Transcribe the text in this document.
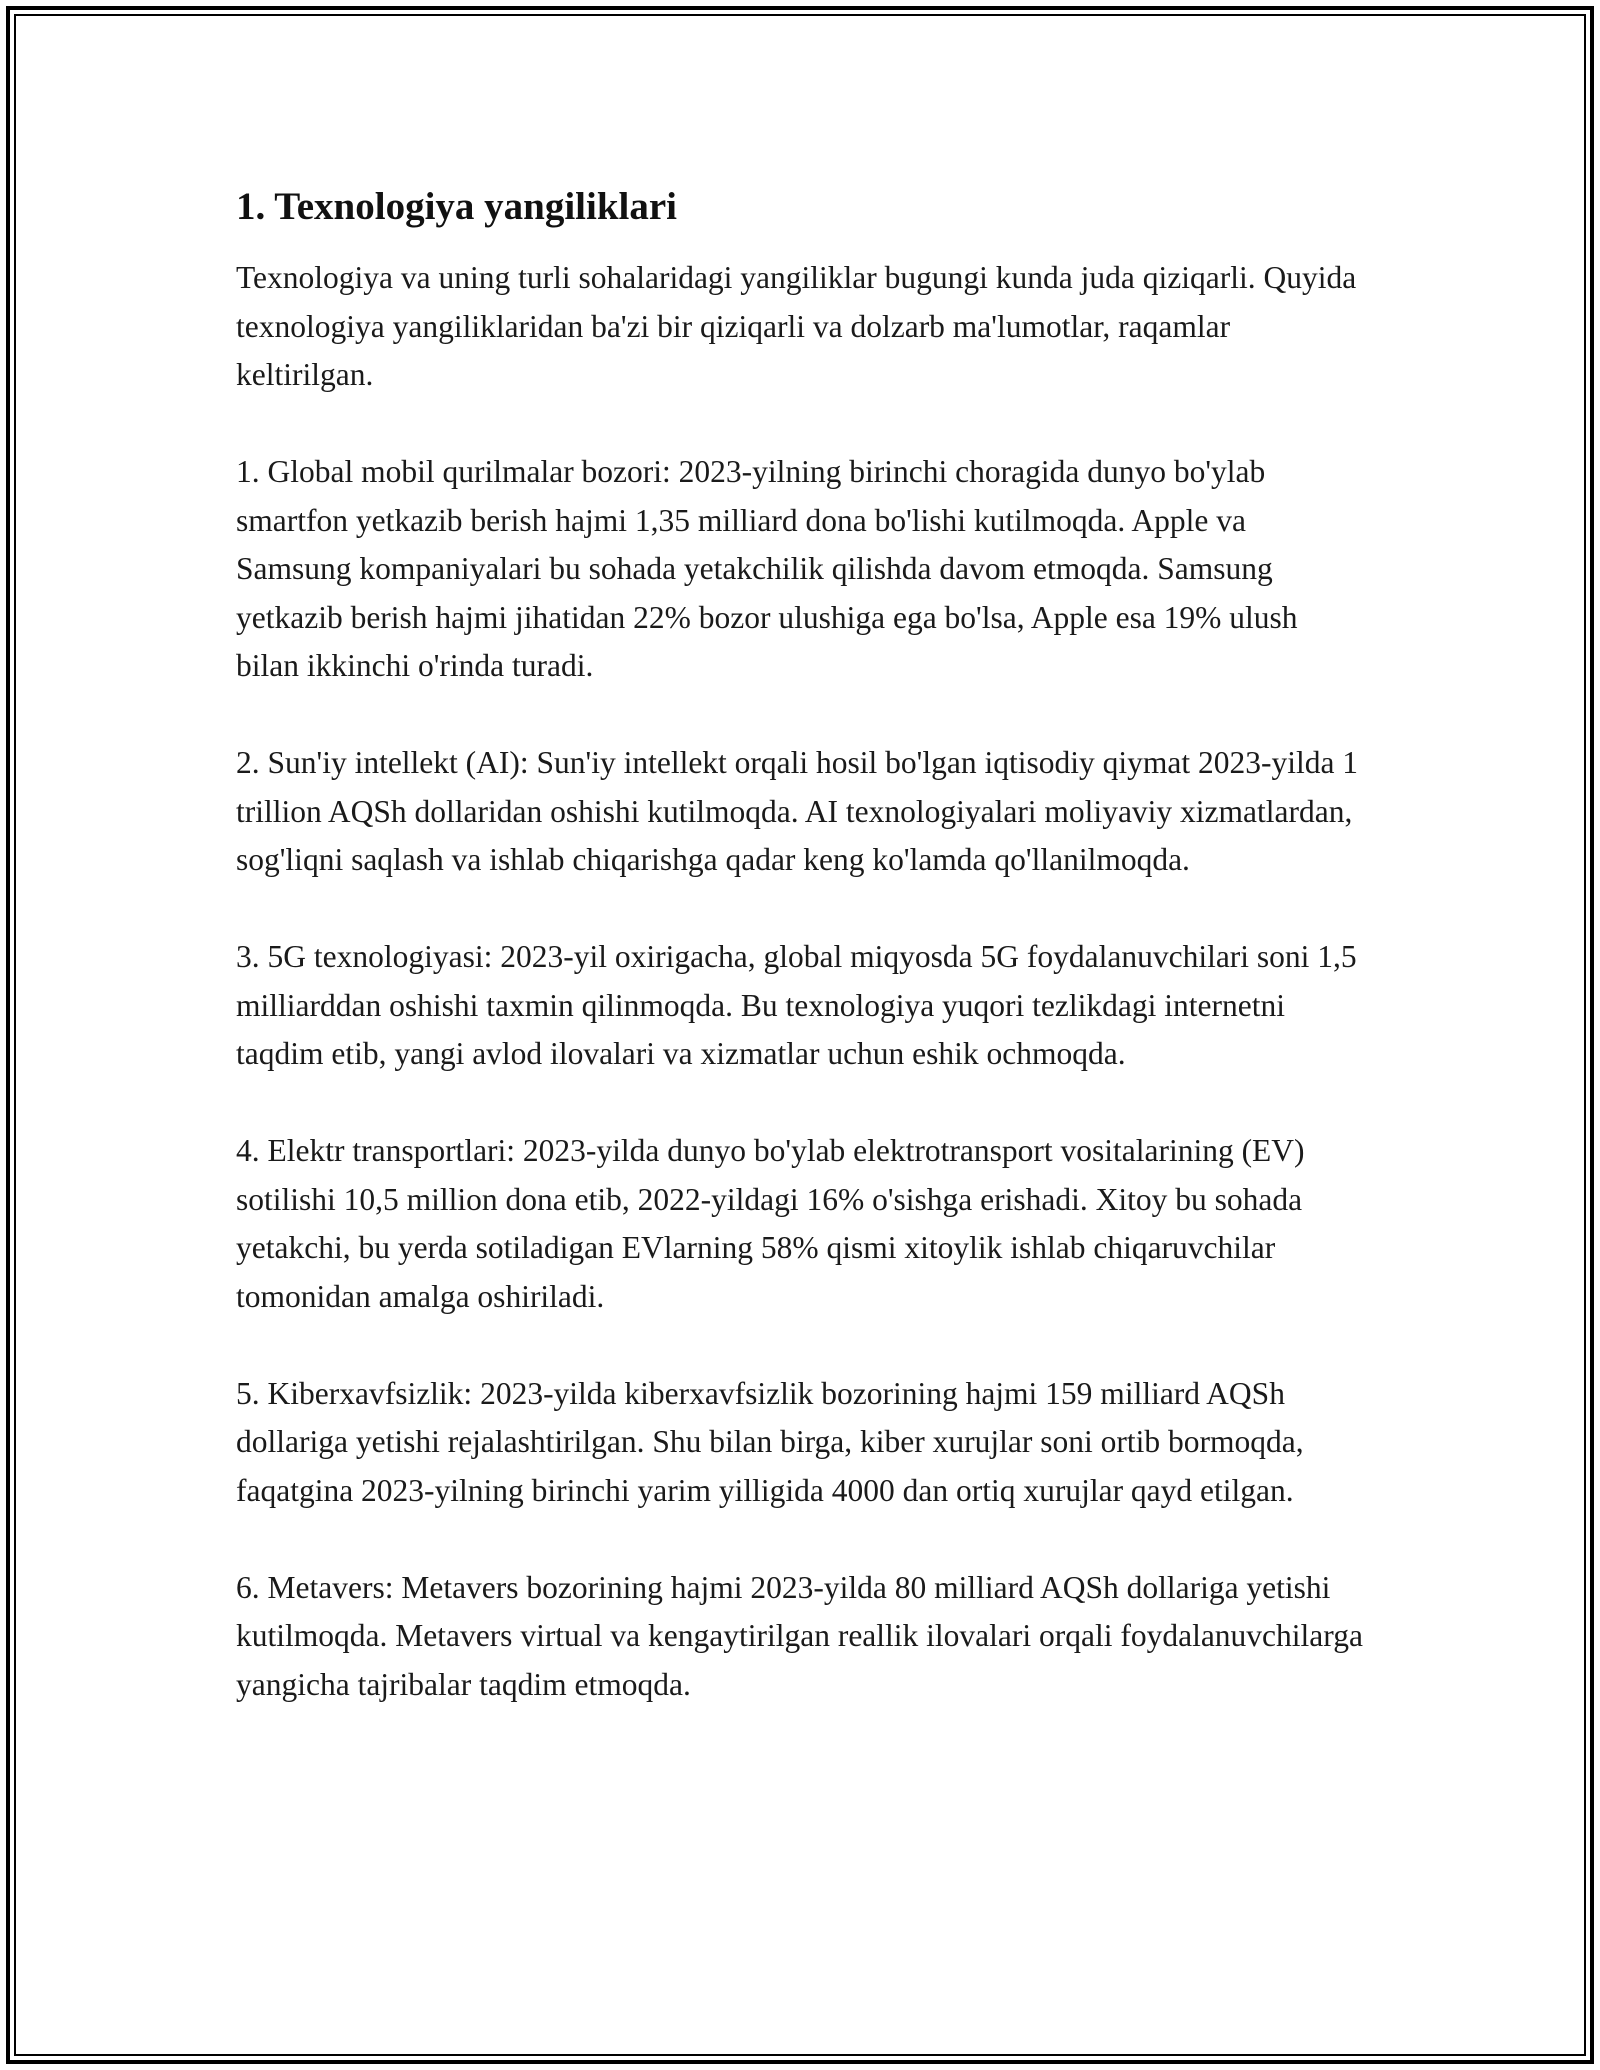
1. Texnologiya yangiliklari

Texnologiya va uning turli sohalaridagi yangiliklar bugungi kunda juda qiziqarli. Quyida texnologiya yangiliklaridan ba'zi bir qiziqarli va dolzarb ma'lumotlar, raqamlar keltirilgan.

1. Global mobil qurilmalar bozori: 2023-yilning birinchi choragida dunyo bo'ylab smartfon yetkazib berish hajmi 1,35 milliard dona bo'lishi kutilmoqda. Apple va Samsung kompaniyalari bu sohada yetakchilik qilishda davom etmoqda. Samsung yetkazib berish hajmi jihatidan 22% bozor ulushiga ega bo'lsa, Apple esa 19% ulush bilan ikkinchi o'rinda turadi.

2. Sun'iy intellekt (AI): Sun'iy intellekt orqali hosil bo'lgan iqtisodiy qiymat 2023-yilda 1 trillion AQSh dollaridan oshishi kutilmoqda. AI texnologiyalari moliyaviy xizmatlardan, sog'liqni saqlash va ishlab chiqarishga qadar keng ko'lamda qo'llanilmoqda.

3. 5G texnologiyasi: 2023-yil oxirigacha, global miqyosda 5G foydalanuvchilari soni 1,5 milliarddan oshishi taxmin qilinmoqda. Bu texnologiya yuqori tezlikdagi internetni taqdim etib, yangi avlod ilovalari va xizmatlar uchun eshik ochmoqda.

4. Elektr transportlari: 2023-yilda dunyo bo'ylab elektrotransport vositalarining (EV) sotilishi 10,5 million dona etib, 2022-yildagi 16% o'sishga erishadi. Xitoy bu sohada yetakchi, bu yerda sotiladigan EVlarning 58% qismi xitoylik ishlab chiqaruvchilar tomonidan amalga oshiriladi.

5. Kiberxavfsizlik: 2023-yilda kiberxavfsizlik bozorining hajmi 159 milliard AQSh dollariga yetishi rejalashtirilgan. Shu bilan birga, kiber xurujlar soni ortib bormoqda, faqatgina 2023-yilning birinchi yarim yilligida 4000 dan ortiq xurujlar qayd etilgan.

6. Metavers: Metavers bozorining hajmi 2023-yilda 80 milliard AQSh dollariga yetishi kutilmoqda. Metavers virtual va kengaytirilgan reallik ilovalari orqali foydalanuvchilarga yangicha tajribalar taqdim etmoqda.
